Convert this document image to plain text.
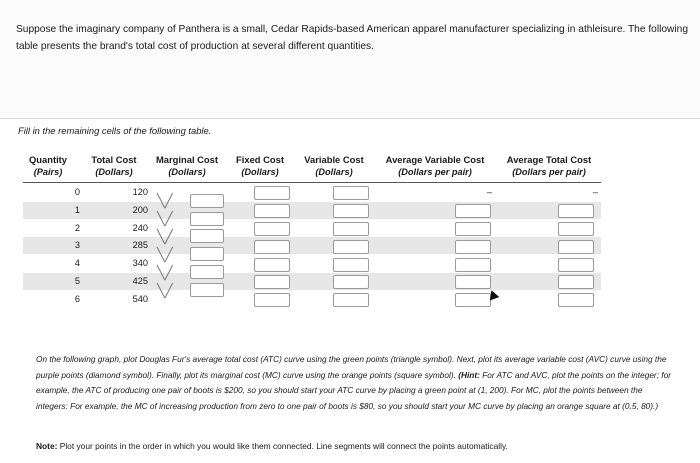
Suppose the imaginary company of Panthera is a small, Cedar Rapids-based American apparel manufacturer specializing in athleisure. The following table presents the brand's total cost of production at several different quantities.
Fill in the remaining cells of the following table.
Quantity
(Pairs)
Total Cost
(Dollars)
Marginal Cost
(Dollars)
Fixed Cost
(Dollars)
Variable Cost
(Dollars)
Average Variable Cost
(Dollars per pair)
Average Total Cost
(Dollars per pair)
0
1
2
3
4
5
6
120
200
240
285
340
425
540
╲╱
╲╱
╲╱
╲╱
╲╱
╲╱
–	–
On the following graph, plot Douglas Fur's average total cost (ATC) curve using the green points (triangle symbol). Next, plot its average variable cost (AVC) curve using the purple points (diamond symbol). Finally, plot its marginal cost (MC) curve using the orange points (square symbol). (Hint: For ATC and AVC, plot the points on the integer; for example, the ATC of producing one pair of boots is $200, so you should start your ATC curve by placing a green point at (1, 200). For MC, plot the points between the integers: For example, the MC of increasing production from zero to one pair of boots is $80, so you should start your MC curve by placing an orange square at (0.5, 80).)
Note: Plot your points in the order in which you would like them connected. Line segments will connect the points automatically.
